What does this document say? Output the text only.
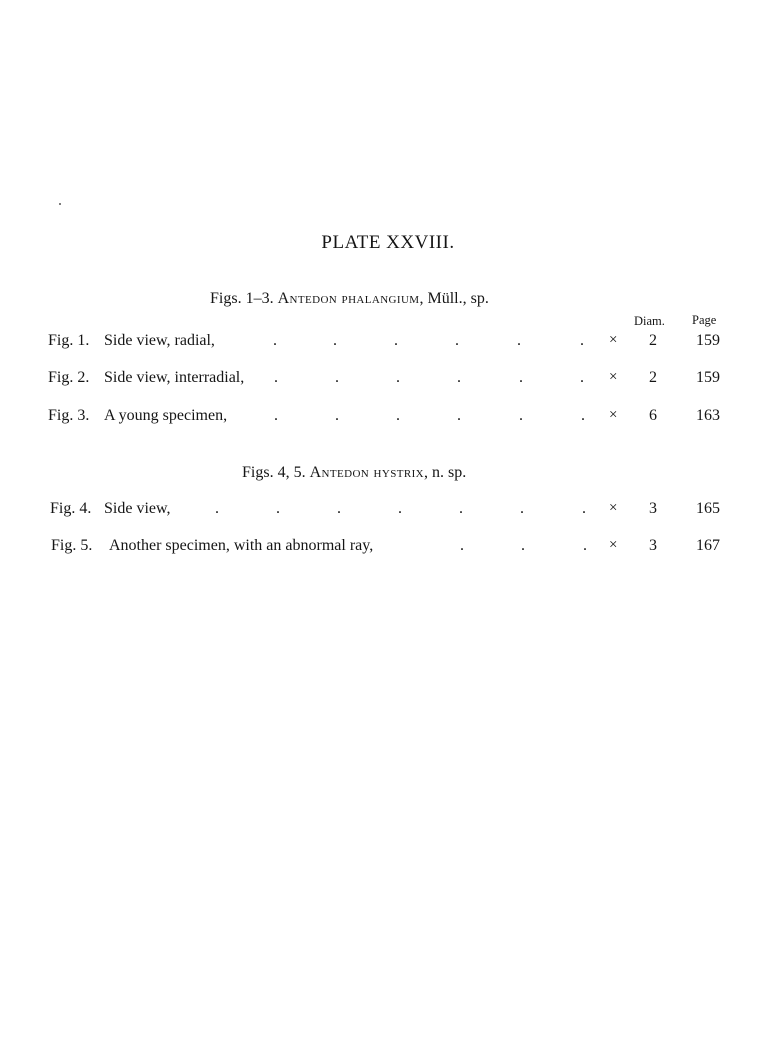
PLATE XXVIII.
Figs. 1–3. Antedon phalangium, Müll., sp.
Diam. Page
Fig. 1. Side view, radial,	.	.	.	.	.	. ×	2	159
Fig. 2. Side view, interradial, .	.	.	.	.	. ×	2	159
Fig. 3. A young specimen,	.	.	.	.	.	. ×	6	163
Figs. 4, 5. Antedon hystrix, n. sp.
Fig. 4. Side view,	.	.	.	.	.	.	. ×	3	165
Fig. 5. Another specimen, with an abnormal ray,	.	.	. ×	3	167
